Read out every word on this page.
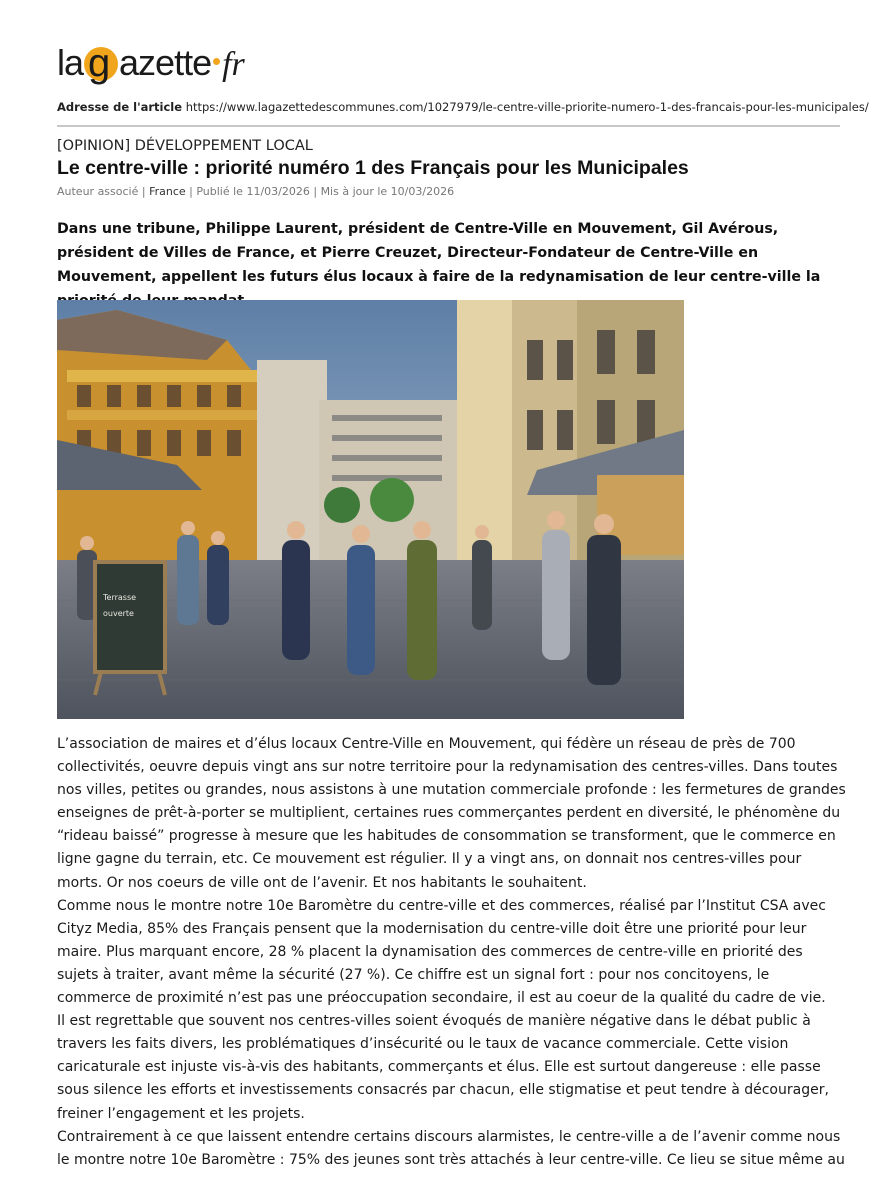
la g azette fr
Adresse de l'article https://www.lagazettedescommunes.com/1027979/le-centre-ville-priorite-numero-1-des-francais-pour-les-municipales/
[OPINION] DÉVELOPPEMENT LOCAL
Le centre-ville : priorité numéro 1 des Français pour les Municipales
Auteur associé | France | Publié le 11/03/2026 | Mis à jour le 10/03/2026
Dans une tribune, Philippe Laurent, président de Centre-Ville en Mouvement, Gil Avérous, président de Villes de France, et Pierre Creuzet, Directeur-Fondateur de Centre-Ville en Mouvement, appellent les futurs élus locaux à faire de la redynamisation de leur centre-ville la
Terrasse
ouverte

L’association de maires et d’élus locaux Centre-Ville en Mouvement, qui fédère un réseau de près de 700 collectivités, oeuvre depuis vingt ans sur notre territoire pour la redynamisation des centres-villes. Dans toutes nos villes, petites ou grandes, nous assistons à une mutation commerciale profonde : les fermetures de grandes enseignes de prêt-à-porter se multiplient, certaines rues commerçantes perdent en diversité, le phénomène du “rideau baissé” progresse à mesure que les habitudes de consommation se transforment, que le commerce en ligne gagne du terrain, etc. Ce mouvement est régulier. Il y a vingt ans, on donnait nos centres-villes pour morts. Or nos coeurs de ville ont de l’avenir. Et nos habitants le souhaitent.

Comme nous le montre notre 10e Baromètre du centre-ville et des commerces, réalisé par l’Institut CSA avec Cityz Media, 85% des Français pensent que la modernisation du centre-ville doit être une priorité pour leur maire. Plus marquant encore, 28 % placent la dynamisation des commerces de centre-ville en priorité des sujets à traiter, avant même la sécurité (27 %). Ce chiffre est un signal fort : pour nos concitoyens, le commerce de proximité n’est pas une préoccupation secondaire, il est au coeur de la qualité du cadre de vie.

Il est regrettable que souvent nos centres-villes soient évoqués de manière négative dans le débat public à travers les faits divers, les problématiques d’insécurité ou le taux de vacance commerciale. Cette vision caricaturale est injuste vis-à-vis des habitants, commerçants et élus. Elle est surtout dangereuse : elle passe sous silence les efforts et investissements consacrés par chacun, elle stigmatise et peut tendre à décourager, freiner l’engagement et les projets.

Contrairement à ce que laissent entendre certains discours alarmistes, le centre-ville a de l’avenir comme nous le montre notre 10e Baromètre : 75% des jeunes sont très attachés à leur centre-ville. Ce lieu se situe même au
